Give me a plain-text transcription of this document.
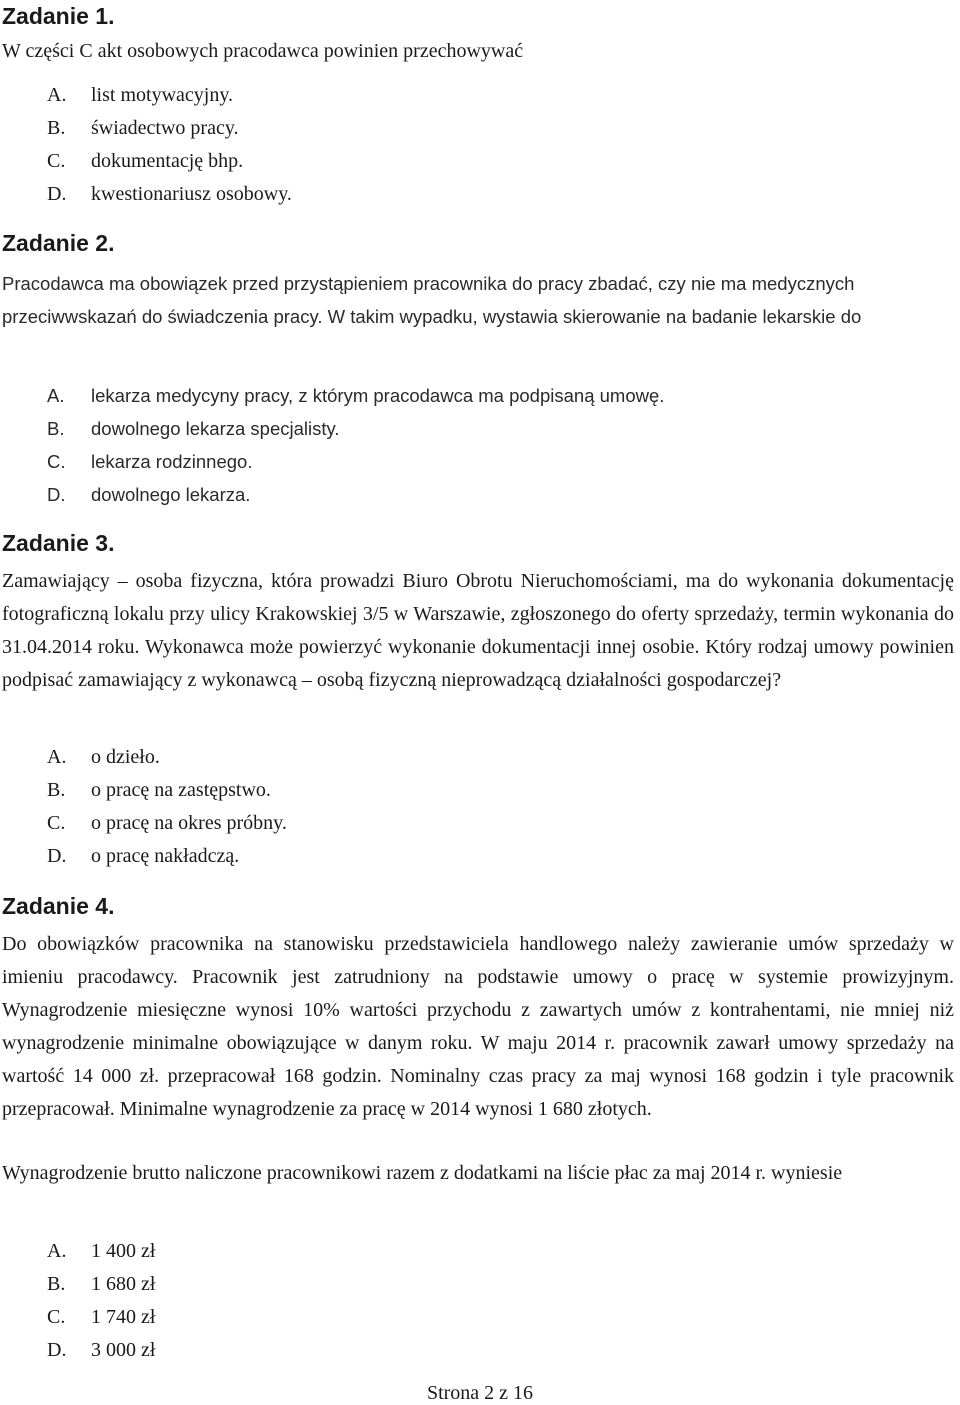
Zadanie 1.

W części C akt osobowych pracodawca powinien przechowywać

A. list motywacyjny.
B. świadectwo pracy.
C. dokumentację bhp.
D. kwestionariusz osobowy.
Zadanie 2.

Pracodawca ma obowiązek przed przystąpieniem pracownika do pracy zbadać, czy nie ma medycznych przeciwwskazań do świadczenia pracy. W takim wypadku, wystawia skierowanie na badanie lekarskie do

A. lekarza medycyny pracy, z którym pracodawca ma podpisaną umowę.
B. dowolnego lekarza specjalisty.
C. lekarza rodzinnego.
D. dowolnego lekarza.
Zadanie 3.

Zamawiający – osoba fizyczna, która prowadzi Biuro Obrotu Nieruchomościami, ma do wykonania dokumentację fotograficzną lokalu przy ulicy Krakowskiej 3/5 w Warszawie, zgłoszonego do oferty sprzedaży, termin wykonania do 31.04.2014 roku. Wykonawca może powierzyć wykonanie dokumentacji innej osobie. Który rodzaj umowy powinien podpisać zamawiający z wykonawcą – osobą fizyczną nieprowadzącą działalności gospodarczej?

A. o dzieło.
B. o pracę na zastępstwo.
C. o pracę na okres próbny.
D. o pracę nakładczą.
Zadanie 4.

Do obowiązków pracownika na stanowisku przedstawiciela handlowego należy zawieranie umów sprzedaży w imieniu pracodawcy. Pracownik jest zatrudniony na podstawie umowy o pracę w systemie prowizyjnym. Wynagrodzenie miesięczne wynosi 10% wartości przychodu z zawartych umów z kontrahentami, nie mniej niż wynagrodzenie minimalne obowiązujące w danym roku. W maju 2014 r. pracownik zawarł umowy sprzedaży na wartość 14 000 zł. przepracował 168 godzin. Nominalny czas pracy za maj wynosi 168 godzin i tyle pracownik przepracował. Minimalne wynagrodzenie za pracę w 2014 wynosi 1 680 złotych.

Wynagrodzenie brutto naliczone pracownikowi razem z dodatkami na liście płac za maj 2014 r. wyniesie

A. 1 400 zł
B. 1 680 zł
C. 1 740 zł
D. 3 000 zł
Strona 2 z 16
